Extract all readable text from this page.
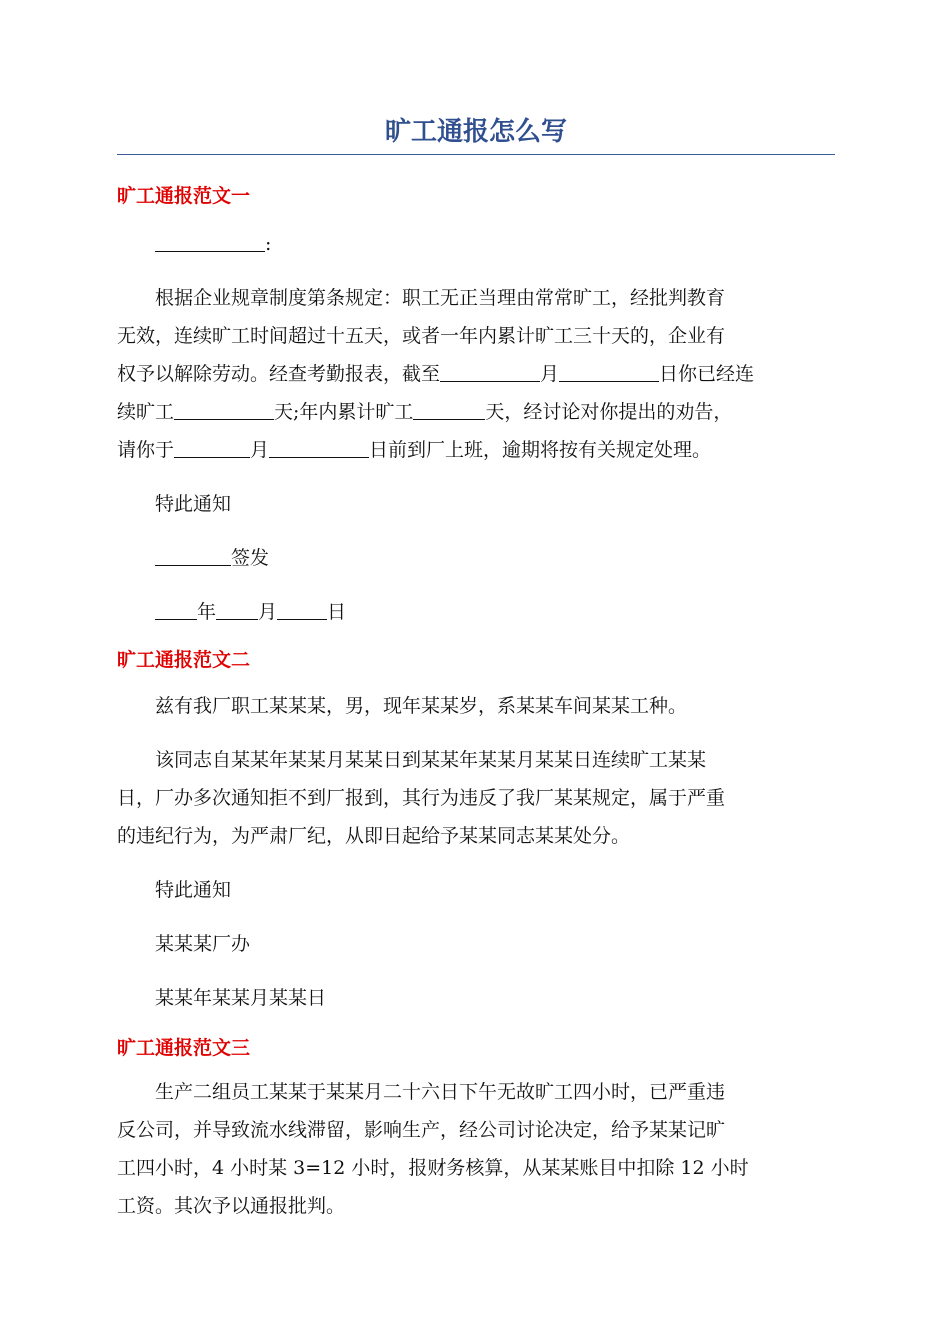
旷工通报怎么写
旷工通报范文一

:

根据企业规章制度第条规定：职工无正当理由常常旷工，经批判教育
无效，连续旷工时间超过十五天，或者一年内累计旷工三十天的，企业有
权予以解除劳动。经查考勤报表，截至	月	日你已经连
续旷工	天;年内累计旷工	天，经讨论对你提出的劝告，
请你于	月	日前到厂上班，逾期将按有关规定处理。

特此通知

签发

年 月	日

旷工通报范文二

兹有我厂职工某某某，男，现年某某岁，系某某车间某某工种。

该同志自某某年某某月某某日到某某年某某月某某日连续旷工某某
日，厂办多次通知拒不到厂报到，其行为违反了我厂某某规定，属于严重
的违纪行为，为严肃厂纪，从即日起给予某某同志某某处分。

特此通知

某某某厂办

某某年某某月某某日

旷工通报范文三
生产二组员工某某于某某月二十六日下午无故旷工四小时，已严重违
反公司，并导致流水线滞留，影响生产，经公司讨论决定，给予某某记旷
工四小时，4 小时某 3=12 小时，报财务核算，从某某账目中扣除 12 小时
工资。其次予以通报批判。
